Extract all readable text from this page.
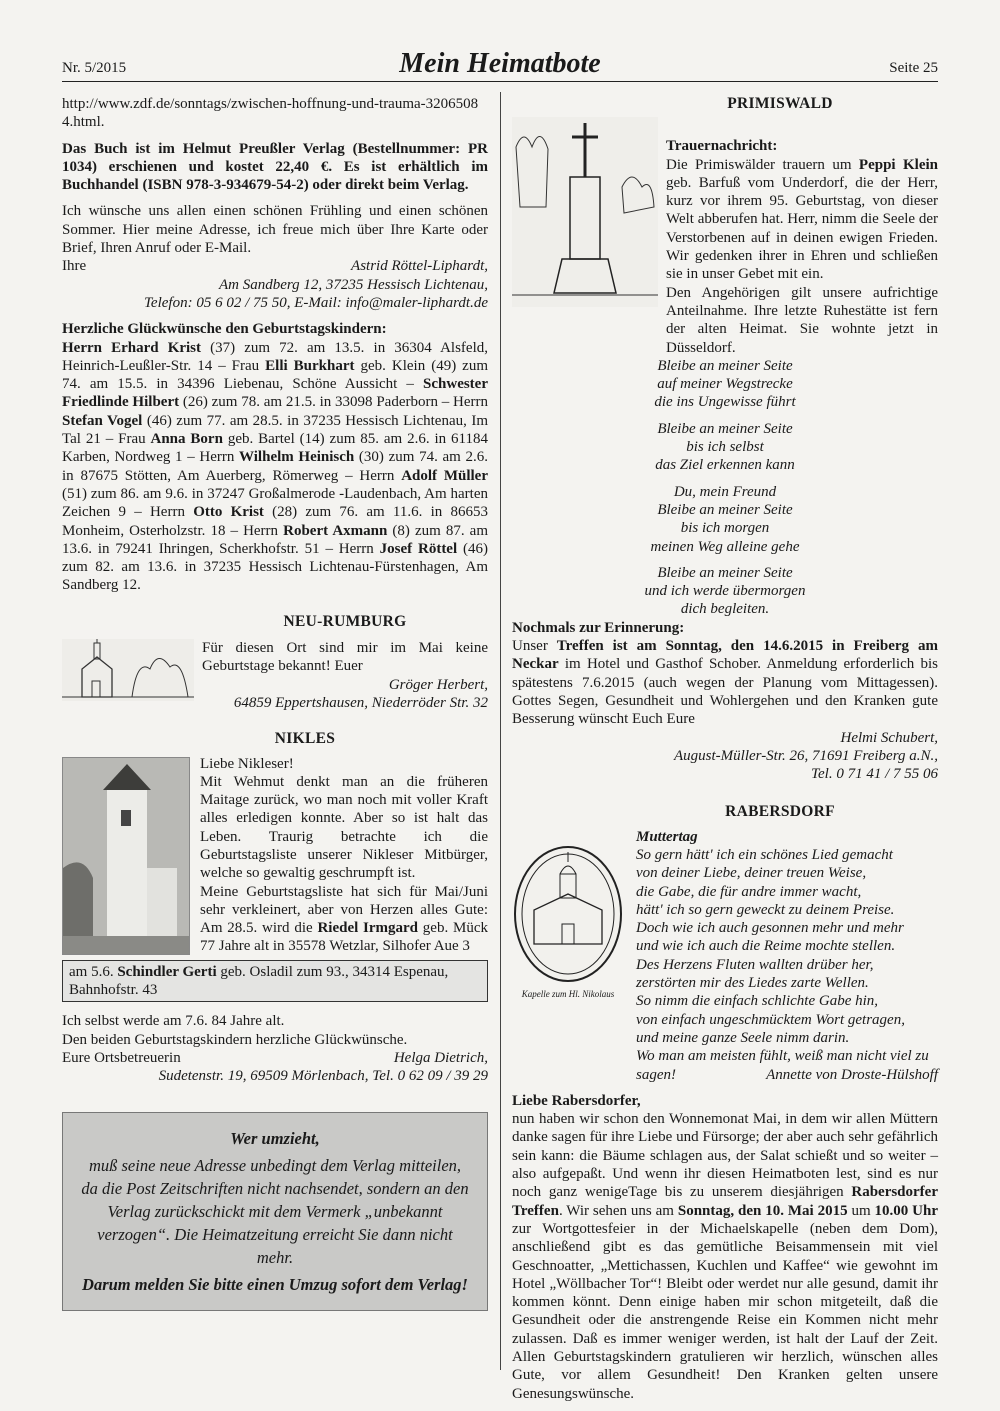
Nr. 5/2015	Mein Heimatbote	Seite 25

http://www.zdf.de/sonntags/zwischen-hoffnung-und-trauma-32065084.html.

Das Buch ist im Helmut Preußler Verlag (Bestellnummer: PR 1034) erschienen und kostet 22,40 €. Es ist erhältlich im Buchhandel (ISBN 978-3-934679-54-2) oder direkt beim Verlag.

Ich wünsche uns allen einen schönen Frühling und einen schönen Sommer. Hier meine Adresse, ich freue mich über Ihre Karte oder Brief, Ihren Anruf oder E-Mail.

Ihre	Astrid Röttel-Liphardt,

Am Sandberg 12, 37235 Hessisch Lichtenau,

Telefon: 05 6 02 / 75 50, E-Mail: info@maler-liphardt.de

Herzliche Glückwünsche den Geburtstagskindern:

Herrn Erhard Krist (37) zum 72. am 13.5. in 36304 Alsfeld, Heinrich-Leußler-Str. 14 – Frau Elli Burkhart geb. Klein (49) zum 74. am 15.5. in 34396 Liebenau, Schöne Aussicht – Schwester Friedlinde Hilbert (26) zum 78. am 21.5. in 33098 Paderborn – Herrn Stefan Vogel (46) zum 77. am 28.5. in 37235 Hessisch Lichtenau, Im Tal 21 – Frau Anna Born geb. Bartel (14) zum 85. am 2.6. in 61184 Karben, Nordweg 1 – Herrn Wilhelm Heinisch (30) zum 74. am 2.6. in 87675 Stötten, Am Auerberg, Römerweg – Herrn Adolf Müller (51) zum 86. am 9.6. in 37247 Großalmerode -Laudenbach, Am harten Zeichen 9 – Herrn Otto Krist (28) zum 76. am 11.6. in 86653 Monheim, Osterholzstr. 18 – Herrn Robert Axmann (8) zum 87. am 13.6. in 79241 Ihringen, Scherkhofstr. 51 – Herrn Josef Röttel (46) zum 82. am 13.6. in 37235 Hessisch Lichtenau-Fürstenhagen, Am Sandberg 12.

NEU-RUMBURG

Für diesen Ort sind mir im Mai keine Geburtstage bekannt! Euer

Gröger Herbert,

64859 Eppertshausen, Niederröder Str. 32

NIKLES

Liebe Nikleser!

Mit Wehmut denkt man an die früheren Maitage zurück, wo man noch mit voller Kraft alles erledigen konnte. Aber so ist halt das Leben. Traurig betrachte ich die Geburtstagsliste unserer Nikleser Mitbürger, welche so gewaltig geschrumpft ist.

Meine Geburtstagsliste hat sich für Mai/Juni sehr verkleinert, aber von Herzen alles Gute: Am 28.5. wird die Riedel Irmgard geb. Mück 77 Jahre alt in 35578 Wetzlar, Silhofer Aue 3

am 5.6. Schindler Gerti geb. Osladil zum 93., 34314 Espenau, Bahnhofstr. 43

Ich selbst werde am 7.6. 84 Jahre alt.

Den beiden Geburtstagskindern herzliche Glückwünsche.

Eure Ortsbetreuerin	Helga Dietrich,

Sudetenstr. 19, 69509 Mörlenbach, Tel. 0 62 09 / 39 29

Wer umzieht,

muß seine neue Adresse unbedingt dem Verlag mitteilen, da die Post Zeitschriften nicht nachsendet, sondern an den Verlag zurückschickt mit dem Vermerk „unbekannt verzogen“. Die Heimatzeitung erreicht Sie dann nicht mehr.

Darum melden Sie bitte einen Umzug sofort dem Verlag!

PRIMISWALD

Trauernachricht:

Die Primiswälder trauern um Peppi Klein geb. Barfuß vom Underdorf, die der Herr, kurz vor ihrem 95. Geburtstag, von dieser Welt abberufen hat. Herr, nimm die Seele der Verstorbenen auf in deinen ewigen Frieden. Wir gedenken ihrer in Ehren und schließen sie in unser Gebet mit ein.

Den Angehörigen gilt unsere aufrichtige Anteilnahme. Ihre letzte Ruhestätte ist fern der alten Heimat. Sie wohnte jetzt in Düsseldorf.

Bleibe an meiner Seite

auf meiner Wegstrecke

die ins Ungewisse führt

Bleibe an meiner Seite

bis ich selbst

das Ziel erkennen kann

Du, mein Freund

Bleibe an meiner Seite

bis ich morgen

meinen Weg alleine gehe

Bleibe an meiner Seite

und ich werde übermorgen

dich begleiten.

Nochmals zur Erinnerung:

Unser Treffen ist am Sonntag, den 14.6.2015 in Freiberg am Neckar im Hotel und Gasthof Schober. Anmeldung erforderlich bis spätestens 7.6.2015 (auch wegen der Planung vom Mittagessen). Gottes Segen, Gesundheit und Wohlergehen und den Kranken gute Besserung wünscht Euch Eure

Helmi Schubert,

August-Müller-Str. 26, 71691 Freiberg a.N.,

Tel. 0 71 41 / 7 55 06

RABERSDORF

Kapelle zum Hl. Nikolaus

Muttertag

So gern hätt' ich ein schönes Lied gemacht

von deiner Liebe, deiner treuen Weise,

die Gabe, die für andre immer wacht,

hätt' ich so gern geweckt zu deinem Preise.

Doch wie ich auch gesonnen mehr und mehr

und wie ich auch die Reime mochte stellen.

Des Herzens Fluten wallten drüber her,

zerstörten mir des Liedes zarte Wellen.

So nimm die einfach schlichte Gabe hin,

von einfach ungeschmücktem Wort getragen,

und meine ganze Seele nimm darin.

Wo man am meisten fühlt, weiß man nicht viel zu

sagen!	Annette von Droste-Hülshoff

Liebe Rabersdorfer,

nun haben wir schon den Wonnemonat Mai, in dem wir allen Müttern danke sagen für ihre Liebe und Fürsorge; der aber auch sehr gefährlich sein kann: die Bäume schlagen aus, der Salat schießt und so weiter – also aufgepaßt. Und wenn ihr diesen Heimatboten lest, sind es nur noch ganz wenigeTage bis zu unserem diesjährigen Rabersdorfer Treffen. Wir sehen uns am Sonntag, den 10. Mai 2015 um 10.00 Uhr zur Wortgottesfeier in der Michaelskapelle (neben dem Dom), anschließend gibt es das gemütliche Beisammensein mit viel Geschnoatter, „Mettichassen, Kuchlen und Kaffee“ wie gewohnt im Hotel „Wöllbacher Tor“! Bleibt oder werdet nur alle gesund, damit ihr kommen könnt. Denn einige haben mir schon mitgeteilt, daß die Gesundheit oder die anstrengende Reise ein Kommen nicht mehr zulassen. Daß es immer weniger werden, ist halt der Lauf der Zeit. Allen Geburtstagskindern gratulieren wir herzlich, wünschen alles Gute, vor allem Gesundheit! Den Kranken gelten unsere Genesungswünsche.
